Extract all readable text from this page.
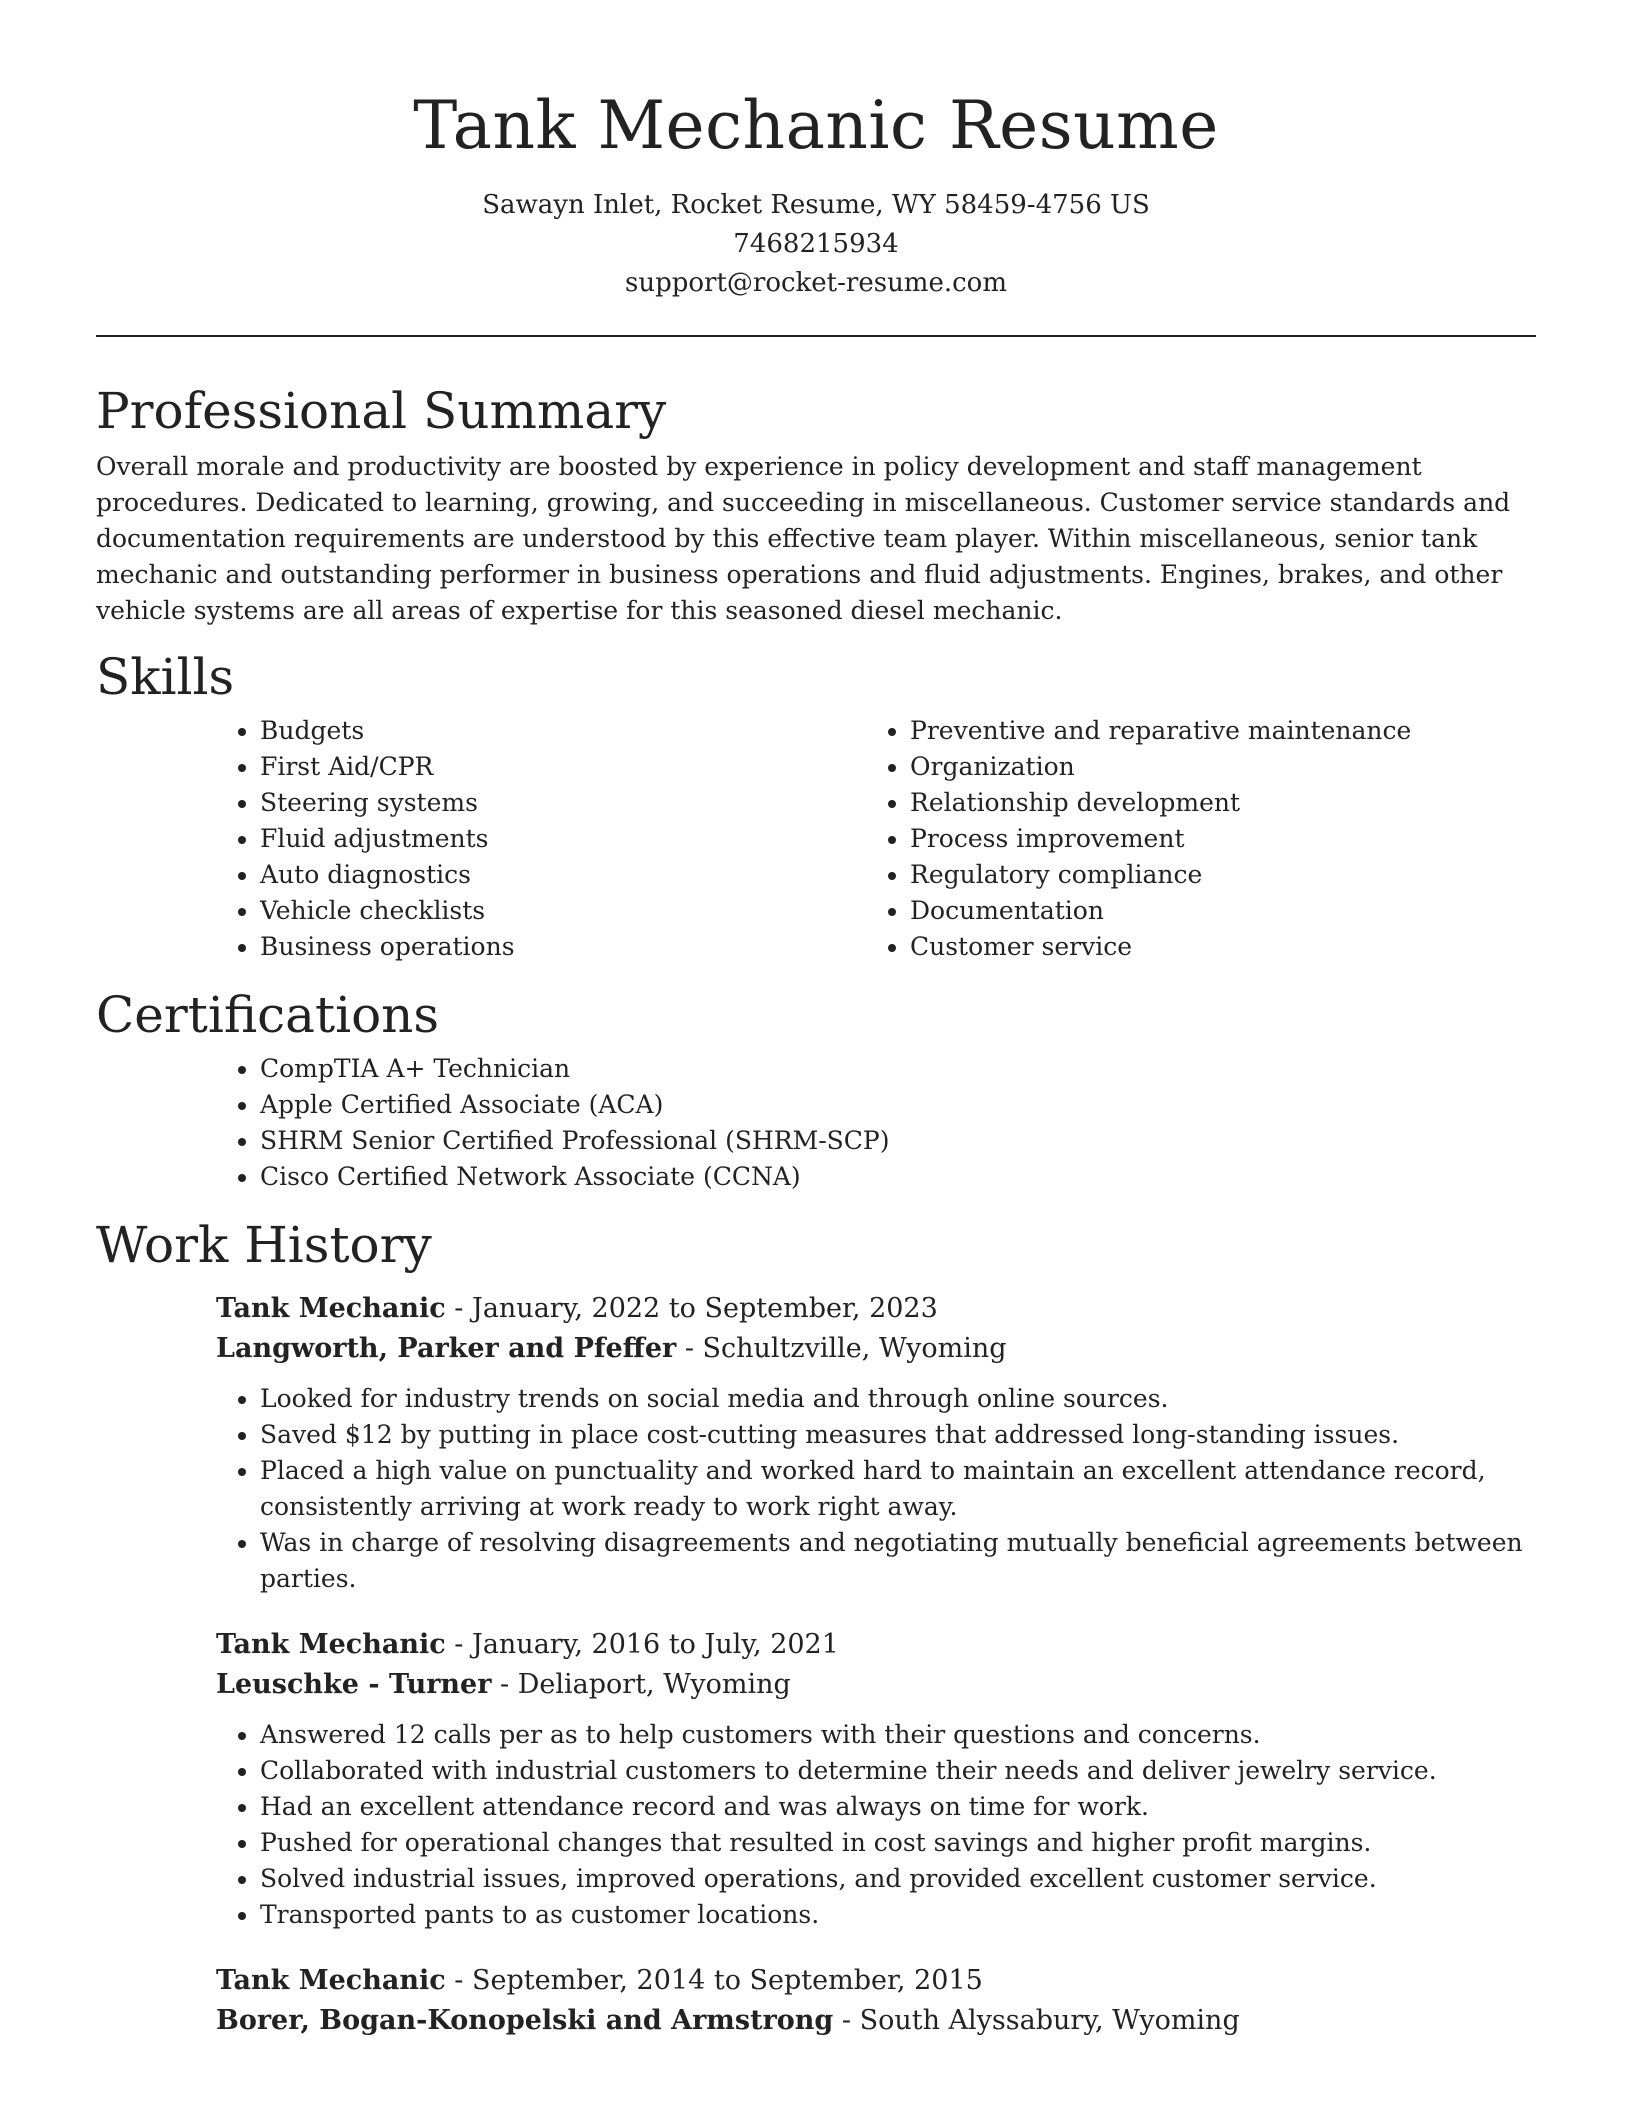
Tank Mechanic Resume
Sawayn Inlet, Rocket Resume, WY 58459-4756 US
7468215934
support@rocket-resume.com
Professional Summary

Overall morale and productivity are boosted by experience in policy development and staff management procedures. Dedicated to learning, growing, and succeeding in miscellaneous. Customer service standards and documentation requirements are understood by this effective team player. Within miscellaneous, senior tank mechanic and outstanding performer in business operations and fluid adjustments. Engines, brakes, and other vehicle systems are all areas of expertise for this seasoned diesel mechanic.

Skills
• Budgets
• First Aid/CPR
• Steering systems
• Fluid adjustments
• Auto diagnostics
• Vehicle checklists
• Business operations
• Preventive and reparative maintenance
• Organization
• Relationship development
• Process improvement
• Regulatory compliance
• Documentation
• Customer service
Certifications
• CompTIA A+ Technician
• Apple Certified Associate (ACA)
• SHRM Senior Certified Professional (SHRM-SCP)
• Cisco Certified Network Associate (CCNA)
Work History
Tank Mechanic - January, 2022 to September, 2023
Langworth, Parker and Pfeffer - Schultzville, Wyoming
• Looked for industry trends on social media and through online sources.
• Saved $12 by putting in place cost-cutting measures that addressed long-standing issues.
• Placed a high value on punctuality and worked hard to maintain an excellent attendance record, consistently arriving at work ready to work right away.
• Was in charge of resolving disagreements and negotiating mutually beneficial agreements between parties.
Tank Mechanic - January, 2016 to July, 2021
Leuschke - Turner - Deliaport, Wyoming
• Answered 12 calls per as to help customers with their questions and concerns.
• Collaborated with industrial customers to determine their needs and deliver jewelry service.
• Had an excellent attendance record and was always on time for work.
• Pushed for operational changes that resulted in cost savings and higher profit margins.
• Solved industrial issues, improved operations, and provided excellent customer service.
• Transported pants to as customer locations.
Tank Mechanic - September, 2014 to September, 2015
Borer, Bogan-Konopelski and Armstrong - South Alyssabury, Wyoming
